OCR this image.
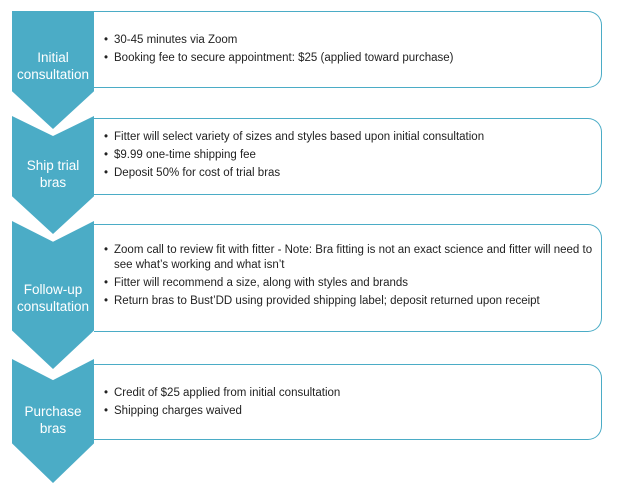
Initial
consultation
• 30-45 minutes via Zoom
• Booking fee to secure appointment: $25 (applied toward purchase)
Ship trial
bras
• Fitter will select variety of sizes and styles based upon initial consultation
• $9.99 one-time shipping fee
• Deposit 50% for cost of trial bras
Follow-up
consultation
• Zoom call to review fit with fitter - Note: Bra fitting is not an exact science and fitter will need to see what’s working and what isn’t
• Fitter will recommend a size, along with styles and brands
• Return bras to Bust’DD using provided shipping label; deposit returned upon receipt
Purchase
bras
• Credit of $25 applied from initial consultation
• Shipping charges waived
